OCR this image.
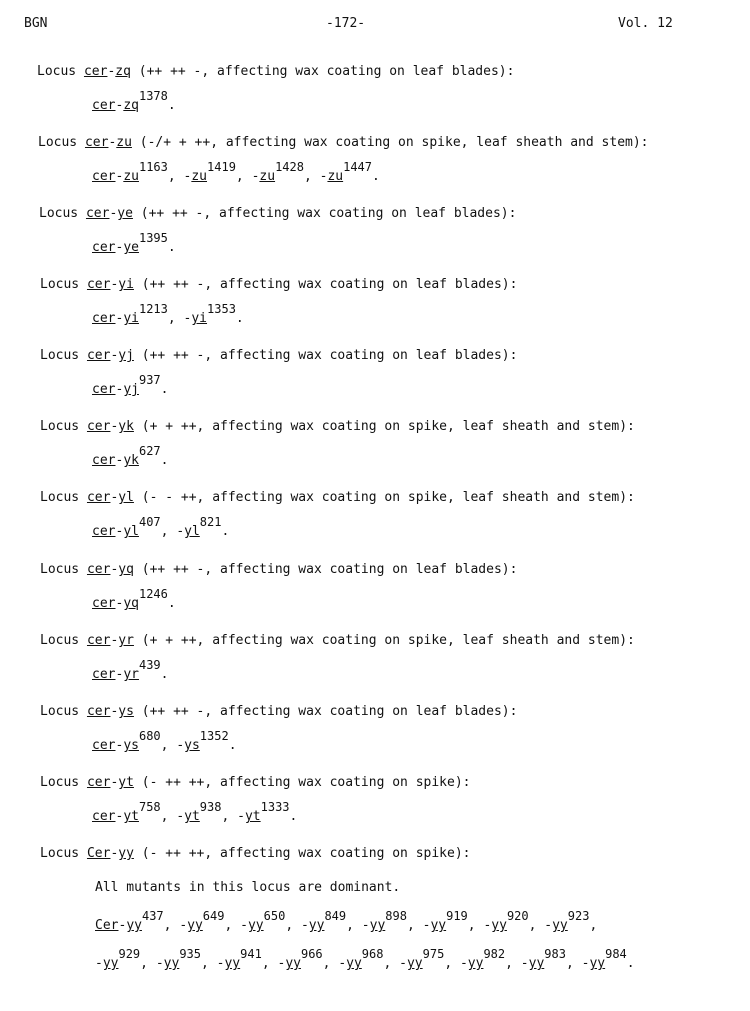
BGN	-172-	Vol. 12
Locus cer-zq (++ ++ -, affecting wax coating on leaf blades):
cer-$zq^{1378}$.
Locus cer-zu (-/+ + ++, affecting wax coating on spike, leaf sheath and stem):
cer-$zu^{1163}$, $-zu^{1419}$, $-zu^{1428}$, $-zu^{1447}$.
Locus cer-ye (++ ++ -, affecting wax coating on leaf blades):
cer-$ye^{1395}$.
Locus cer-yi (++ ++ -, affecting wax coating on leaf blades):
cer-$yi^{1213}$, $-yi^{1353}$.
Locus cer-yj (++ ++ -, affecting wax coating on leaf blades):
cer-$yj^{937}$.
Locus cer-yk (+ + ++, affecting wax coating on spike, leaf sheath and stem):
cer-$yk^{627}$.
Locus cer-yl (- - ++, affecting wax coating on spike, leaf sheath and stem):
cer-$yl^{407}$, $-yl^{821}$.
Locus cer-yq (++ ++ -, affecting wax coating on leaf blades):
cer-$yq^{1246}$.
Locus cer-yr (+ + ++, affecting wax coating on spike, leaf sheath and stem):
cer-$yr^{439}$.
Locus cer-ys (++ ++ -, affecting wax coating on leaf blades):
cer-$ys^{680}$, $-ys^{1352}$.
Locus cer-yt (- ++ ++, affecting wax coating on spike):
cer-$yt^{758}$, $-yt^{938}$, $-yt^{1333}$.
Locus Cer-yy (- ++ ++, affecting wax coating on spike):
All mutants in this locus are dominant.
Cer-$yy^{437}$, $-yy^{649}$, $-yy^{650}$, $-yy^{849}$, $-yy^{898}$, $-yy^{919}$, $-yy^{920}$, $-yy^{923}$,
$-yy^{929}$, $-yy^{935}$, $-yy^{941}$, $-yy^{966}$, $-yy^{968}$, $-yy^{975}$, $-yy^{982}$, $-yy^{983}$, $-yy^{984}$.
